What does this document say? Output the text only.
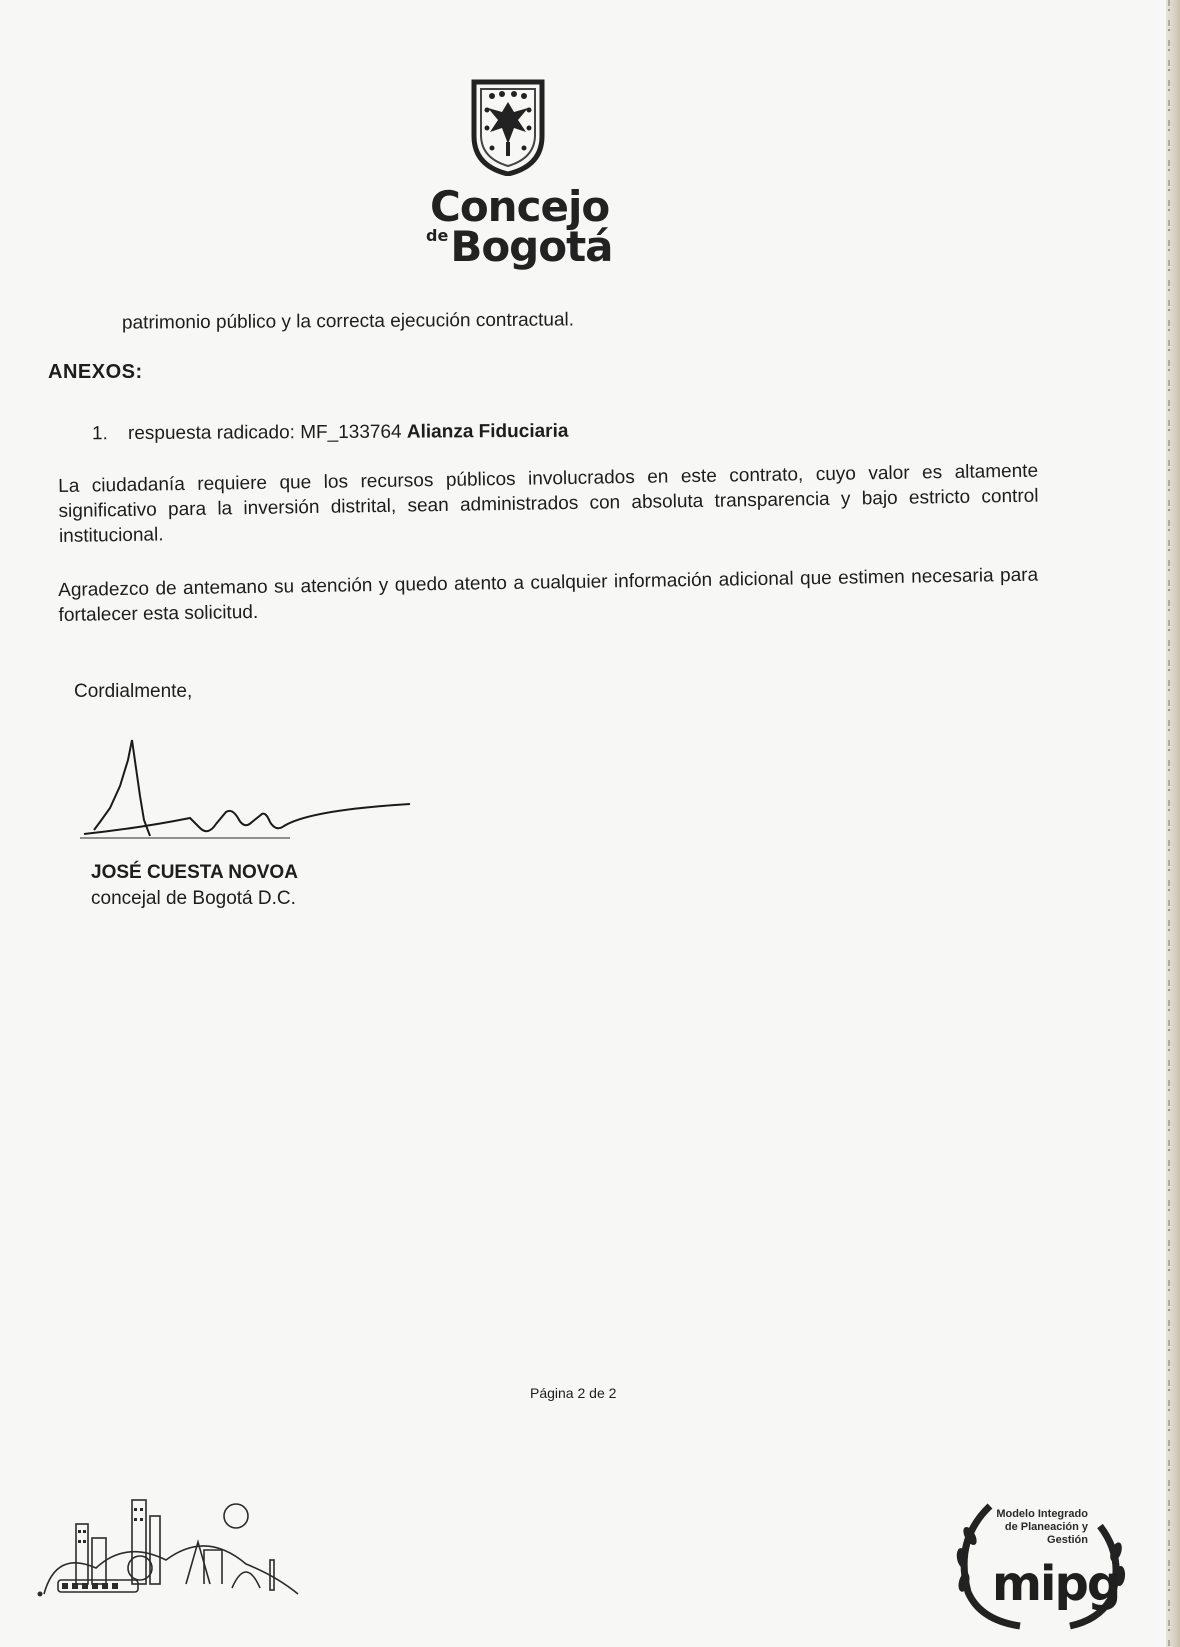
Concejo
deBogotá
patrimonio público y la correcta ejecución contractual.
ANEXOS:
1. respuesta radicado: MF_133764 Alianza Fiduciaria
La ciudadanía requiere que los recursos públicos involucrados en este contrato, cuyo valor es altamente significativo para la inversión distrital, sean administrados con absoluta transparencia y bajo estricto control institucional.
Agradezco de antemano su atención y quedo atento a cualquier información adicional que estimen necesaria para fortalecer esta solicitud.
Cordialmente,
JOSÉ CUESTA NOVOA
concejal de Bogotá D.C.
Página 2 de 2
Modelo Integrado
de Planeación y
Gestión
mipg
